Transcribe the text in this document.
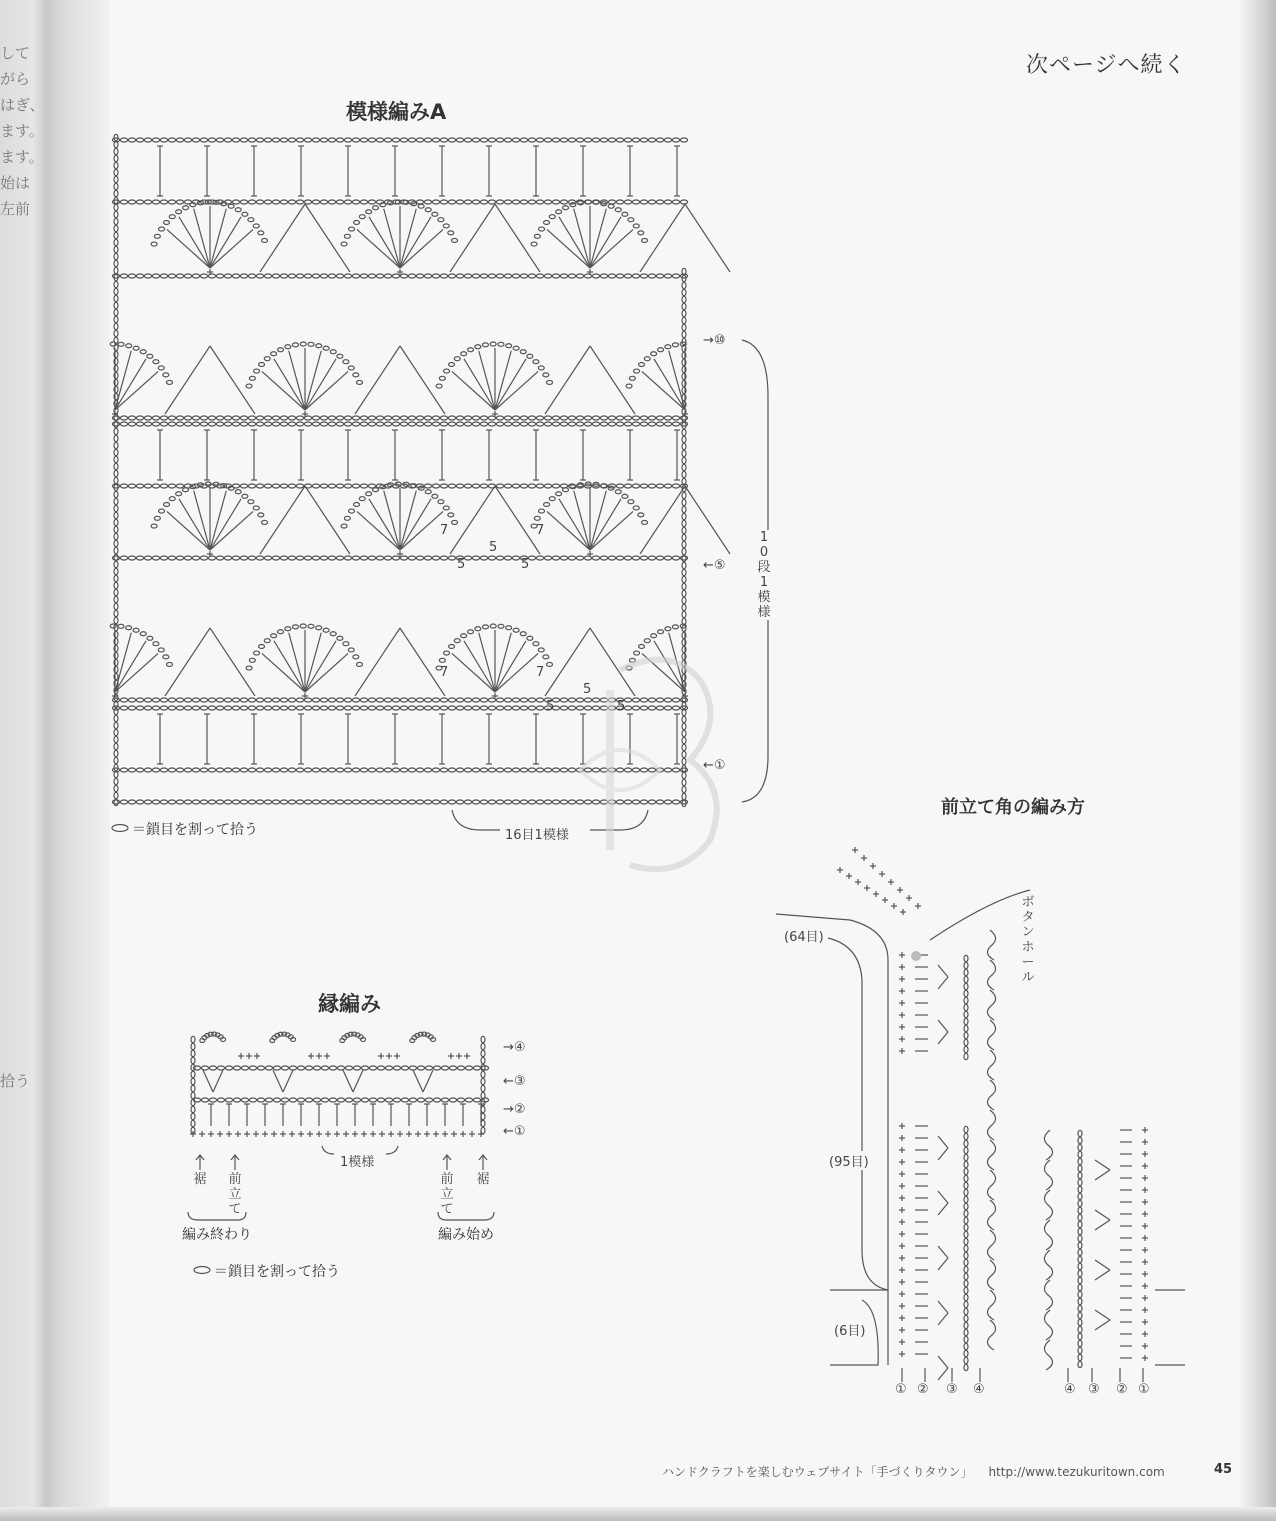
して
がら
はぎ、
ます。
ます。
始は
左前
拾う
次ページへ続く
模様編みA
→⑩
←⑤
←①
10段1模様
16目1模様
7	7
5
5	5
7	7
5
5	5
＝鎖目を割って拾う
縁編み
→④
←③
→②
←①
1模様
裾 前立て
前立て
裾
編み終わり	編み始め
＝鎖目を割って拾う
前立て角の編み方
ボタンホール
(64目)
(95目)
(6目)
① ② ③ ④	④ ③ ② ①
ハンドクラフトを楽しむウェブサイト「手づくりタウン」 http://www.tezukuritown.com	45
